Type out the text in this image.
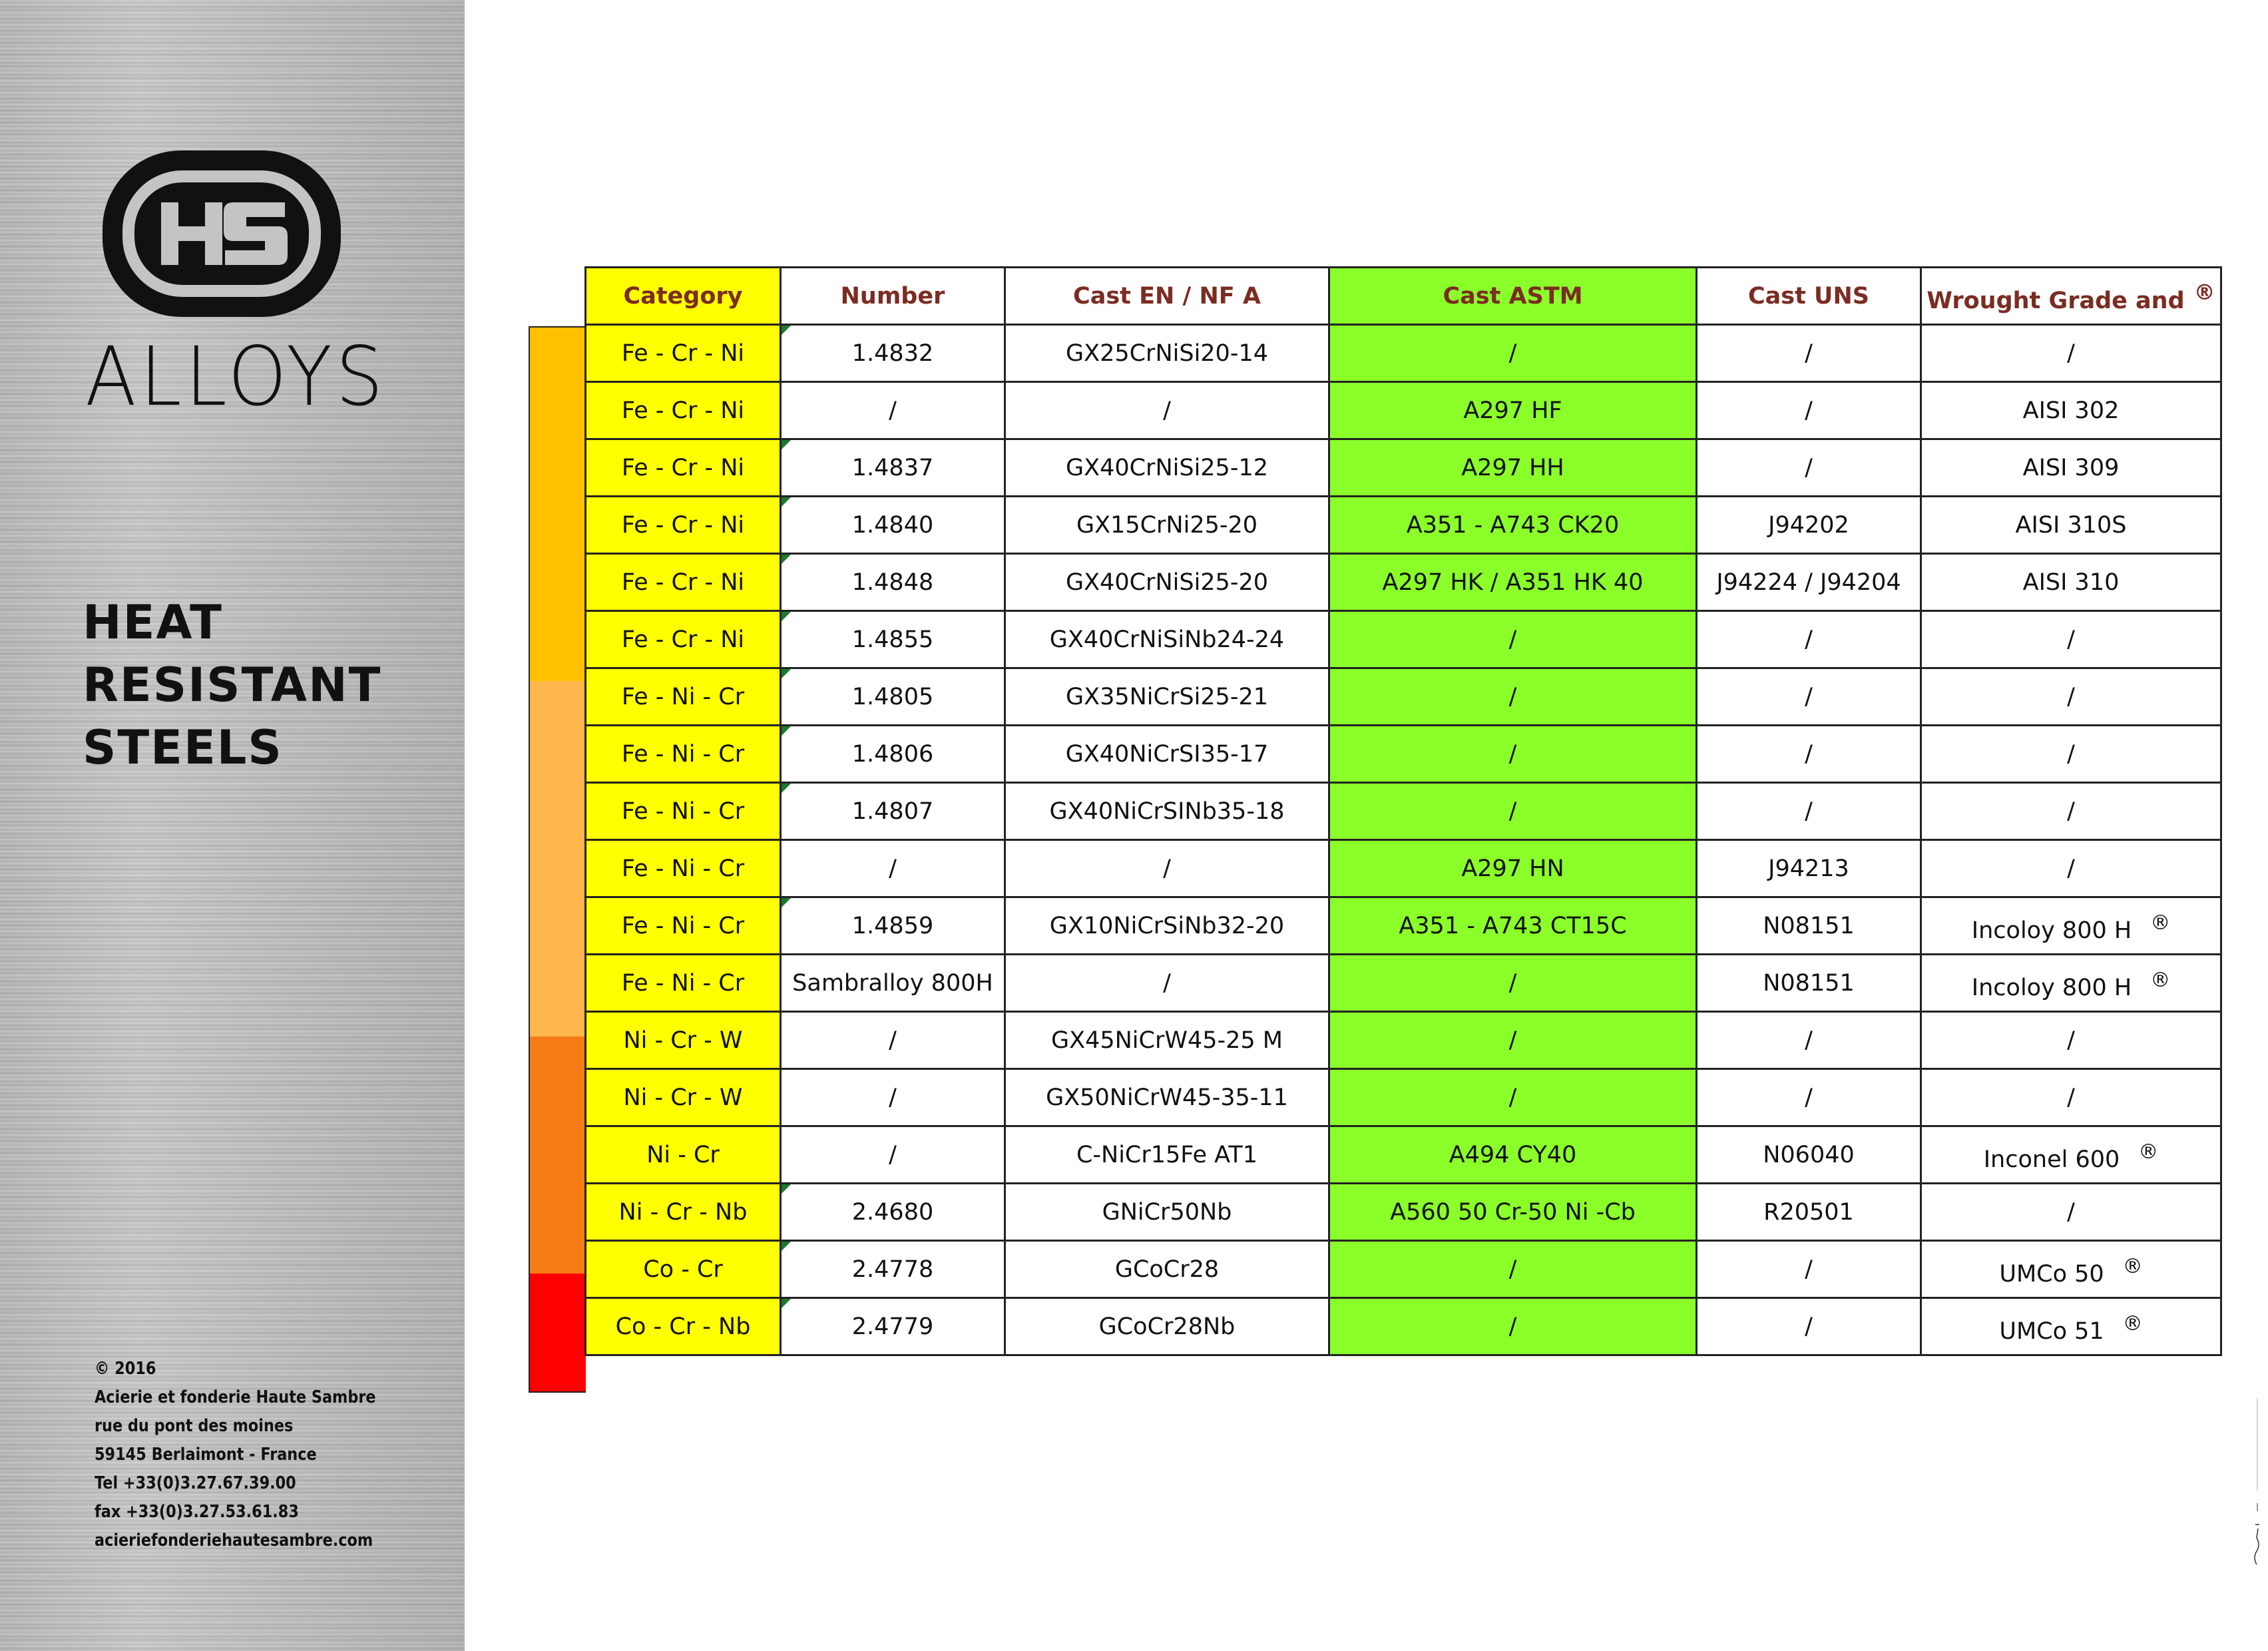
ALLOYS
HEAT
RESISTANT
STEELS
© 2016
Acierie et fonderie Haute Sambre
rue du pont des moines
59145 Berlaimont - France
Tel +33(0)3.27.67.39.00
fax +33(0)3.27.53.61.83
acieriefonderiehautesambre.com
Category	Number	Cast EN / NF A	Cast ASTM	Cast UNS	Wrought Grade and ®
Fe - Cr - Ni	1.4832	GX25CrNiSi20-14	/	/	/
Fe - Cr - Ni	/	/	A297 HF	/	AISI 302
Fe - Cr - Ni	1.4837	GX40CrNiSi25-12	A297 HH	/	AISI 309
Fe - Cr - Ni	1.4840	GX15CrNi25-20	A351 - A743 CK20	J94202	AISI 310S
Fe - Cr - Ni	1.4848	GX40CrNiSi25-20	A297 HK / A351 HK 40	J94224 / J94204	AISI 310
Fe - Cr - Ni	1.4855	GX40CrNiSiNb24-24	/	/	/
Fe - Ni - Cr	1.4805	GX35NiCrSi25-21	/	/	/
Fe - Ni - Cr	1.4806	GX40NiCrSI35-17	/	/	/
Fe - Ni - Cr	1.4807	GX40NiCrSINb35-18	/	/	/
Fe - Ni - Cr	/	/	A297 HN	J94213	/
Fe - Ni - Cr	1.4859	GX10NiCrSiNb32-20	A351 - A743 CT15C	N08151	Incoloy 800 H ®
Fe - Ni - Cr	Sambralloy 800H	/	/	N08151	Incoloy 800 H ®
Ni - Cr - W	/	GX45NiCrW45-25 M	/	/	/
Ni - Cr - W	/	GX50NiCrW45-35-11	/	/	/
Ni - Cr	/	C-NiCr15Fe AT1	A494 CY40	N06040	Inconel 600 ®
Ni - Cr - Nb	2.4680	GNiCr50Nb	A560 50 Cr-50 Ni -Cb	R20501	/
Co - Cr	2.4778	GCoCr28	/	/	UMCo 50 ®
Co - Cr - Nb	2.4779	GCoCr28Nb	/	/	UMCo 51 ®
